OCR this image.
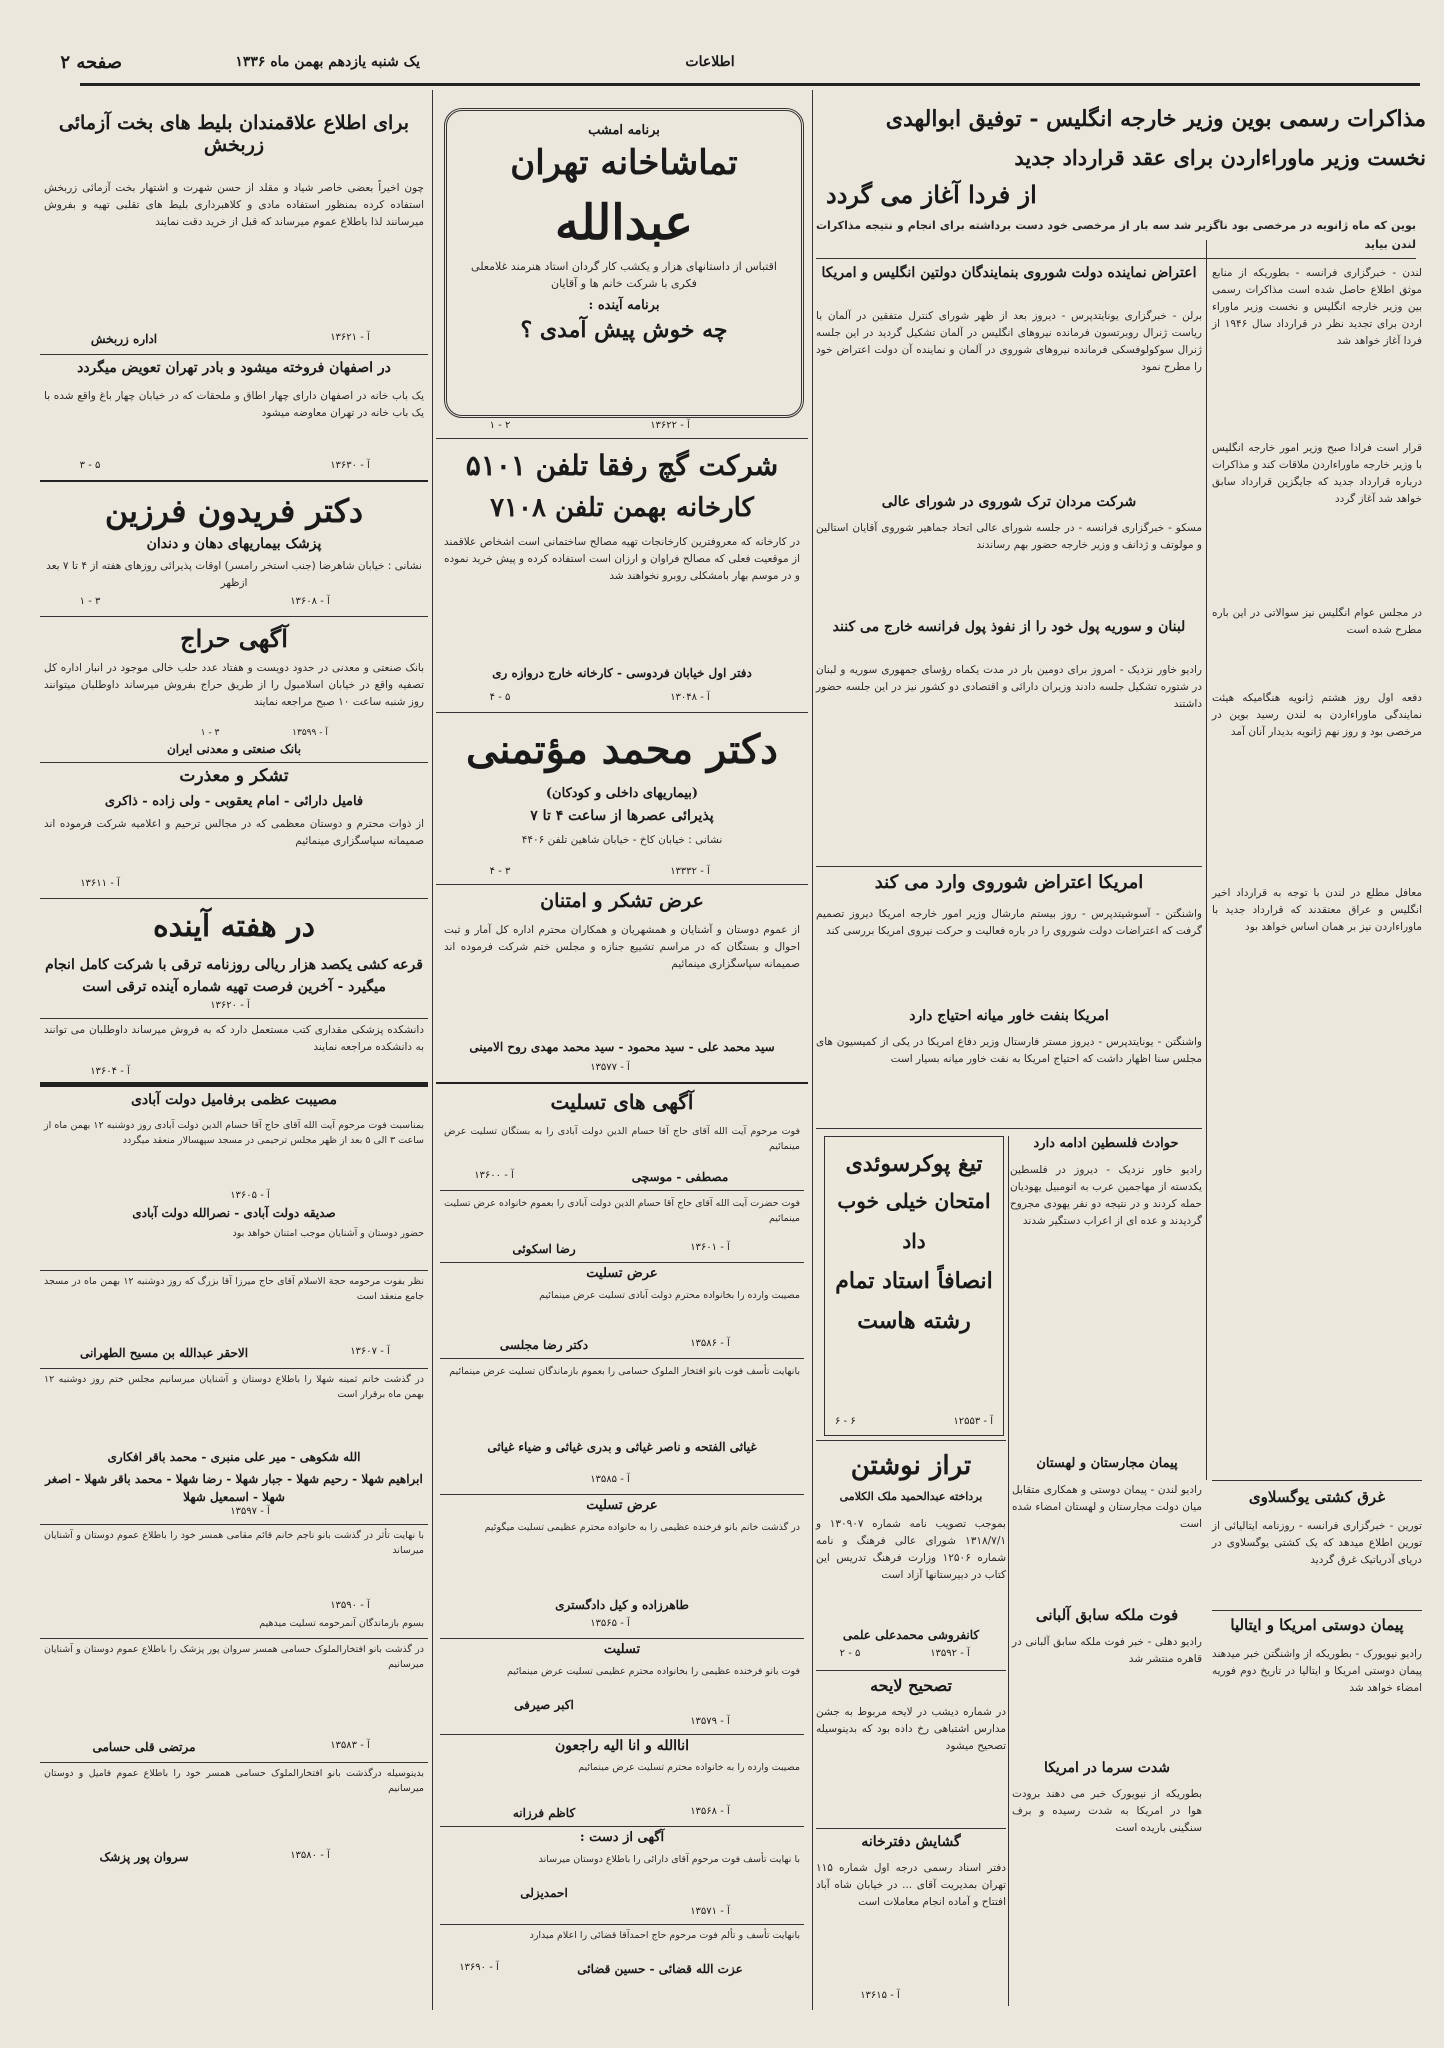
صفحه ۲	اطلاعات
یک شنبه یازدهم بهمن ماه ۱۳۳۶
مذاکرات رسمی بوین وزیر خارجه انگلیس - توفیق ابوالهدی
نخست وزیر ماوراءاردن برای عقد قرارداد جدید
از فردا آغاز می گردد
بوین که ماه ژانویه در مرخصی بود ناگزیر شد سه بار از مرخصی خود دست برداشته برای انجام و نتیجه مذاکرات لندن بیاید
لندن - خبرگزاری فرانسه - بطوریکه از منابع موثق اطلاع حاصل شده است مذاکرات رسمی بین وزیر خارجه انگلیس و نخست وزیر ماوراء اردن برای تجدید نظر در قرارداد سال ۱۹۴۶ از فردا آغاز خواهد شد
قرار است فرادا صبح وزیر امور خارجه انگلیس با وزیر خارجه ماوراءاردن ملاقات کند و مذاکرات درباره قرارداد جدید که جایگزین قرارداد سابق خواهد شد آغاز گردد
در مجلس عوام انگلیس نیز سوالاتی در این باره مطرح شده است
دفعه اول روز هشتم ژانویه هنگامیکه هیئت نمایندگی ماوراءاردن به لندن رسید بوین در مرخصی بود و روز نهم ژانویه بدیدار آنان آمد
معافل مطلع در لندن با توجه به قرارداد اخیر انگلیس و عراق معتقدند که قرارداد جدید با ماوراءاردن نیز بر همان اساس خواهد بود
غرق کشتی یوگسلاوی
تورین - خبرگزاری فرانسه - روزنامه ایتالیائی از تورین اطلاع میدهد که یک کشتی یوگسلاوی در دریای آدریاتیک غرق گردید
پیمان دوستی امریکا و ایتالیا
رادیو نیویورک - بطوریکه از واشنگتن خبر میدهند پیمان دوستی امریکا و ایتالیا در تاریخ دوم فوریه امضاء خواهد شد
اعتراض نماینده دولت شوروی بنمایندگان دولتین انگلیس و امریکا
برلن - خبرگزاری یونایتدپرس - دیروز بعد از ظهر شورای کنترل متفقین در آلمان با ریاست ژنرال روبرتسون فرمانده نیروهای انگلیس در آلمان تشکیل گردید در این جلسه ژنرال سوکولوفسکی فرمانده نیروهای شوروی در آلمان و نماینده آن دولت اعتراض خود را مطرح نمود
شرکت مردان ترک شوروی در شورای عالی
مسکو - خبرگزاری فرانسه - در جلسه شورای عالی اتحاد جماهیر شوروی آقایان استالین و مولوتف و ژدانف و وزیر خارجه حضور بهم رساندند
لبنان و سوریه پول خود را از نفوذ پول فرانسه خارج می کنند
رادیو خاور نزدیک - امروز برای دومین بار در مدت یکماه رؤسای جمهوری سوریه و لبنان در شتوره تشکیل جلسه دادند وزیران دارائی و اقتصادی دو کشور نیز در این جلسه حضور داشتند
امریکا اعتراض شوروی وارد می کند
واشنگتن - آسوشیتدپرس - روز بیستم مارشال وزیر امور خارجه امریکا دیروز تصمیم گرفت که اعتراضات دولت شوروی را در باره فعالیت و حرکت نیروی امریکا بررسی کند
امریکا بنفت خاور میانه احتیاج دارد
واشنگتن - یونایتدپرس - دیروز مستر فارستال وزیر دفاع امریکا در یکی از کمیسیون های مجلس سنا اظهار داشت که احتیاج امریکا به نفت خاور میانه بسیار است
تیغ پوکرسوئدی
امتحان خیلی خوب داد
انصافاً استاد تمام
رشته هاست
آ - ۱۲۵۵۳
۶ - ۶
حوادث فلسطین ادامه دارد
رادیو خاور نزدیک - دیروز در فلسطین یکدسته از مهاجمین عرب به اتومبیل یهودیان حمله کردند و در نتیجه دو نفر یهودی مجروح گردیدند و عده ای از اعراب دستگیر شدند
تراز نوشتن
برداخته عبدالحمید ملک الکلامی
بموجب تصویب نامه شماره ۱۳۰۹۰۷ و ۱۳۱۸/۷/۱ شورای عالی فرهنگ و نامه شماره ۱۲۵۰۶ وزارت فرهنگ تدریس این کتاب در دبیرستانها آزاد است
کانفروشی محمدعلی علمی
آ - ۱۳۵۹۲
۲ - ۵
تصحیح لایحه
در شماره دیشب در لایحه مربوط به جشن مدارس اشتباهی رخ داده بود که بدینوسیله تصحیح میشود
گشایش دفترخانه
دفتر اسناد رسمی درجه اول شماره ۱۱۵ تهران بمدیریت آقای ... در خیابان شاه آباد افتتاح و آماده انجام معاملات است
آ - ۱۳۶۱۵
پیمان مجارستان و لهستان
رادیو لندن - پیمان دوستی و همکاری متقابل میان دولت مجارستان و لهستان امضاء شده است
فوت ملکه سابق آلبانی
رادیو دهلی - خبر فوت ملکه سابق آلبانی در قاهره منتشر شد
شدت سرما در امریکا
بطوریکه از نیویورک خبر می دهند برودت هوا در امریکا به شدت رسیده و برف سنگینی باریده است
برنامه امشب
تماشاخانه تهران
عبدالله
اقتباس از داستانهای هزار و یکشب کار گردان استاد هنرمند غلامعلی فکری با شرکت خانم ها و آقایان
برنامه آینده :
چه خوش پیش آمدی ؟
آ - ۱۳۶۲۲
۱ - ۲
شرکت گچ رفقا تلفن ۵۱۰۱
کارخانه بهمن تلفن ۷۱۰۸
در کارخانه که معروفترین کارخانجات تهیه مصالح ساختمانی است اشخاص علاقمند از موقعیت فعلی که مصالح فراوان و ارزان است استفاده کرده و پیش خرید نموده و در موسم بهار بامشکلی روبرو نخواهند شد
دفتر اول خیابان فردوسی - کارخانه خارج دروازه ری
آ - ۱۳۰۴۸
۴ - ۵
دکتر محمد مؤتمنی
(بیماریهای داخلی و کودکان)
پذیرائی عصرها از ساعت ۴ تا ۷
نشانی : خیابان کاخ - خیابان شاهین تلفن ۴۴۰۶
آ - ۱۳۳۳۲
۴ - ۳
عرض تشکر و امتنان
از عموم دوستان و آشنایان و همشهریان و همکاران محترم اداره کل آمار و ثبت احوال و بستگان که در مراسم تشییع جنازه و مجلس ختم شرکت فرموده اند صمیمانه سپاسگزاری مینمائیم
سید محمد علی - سید محمود - سید محمد مهدی روح الامینی
آ - ۱۳۵۷۷
آگهی های تسلیت
فوت مرحوم آیت الله آقای حاج آقا حسام الدین دولت آبادی را به بستگان تسلیت عرض مینمائیم
مصطفی - موسچی
آ - ۱۳۶۰۰
فوت حضرت آیت الله آقای حاج آقا حسام الدین دولت آبادی را بعموم خانواده عرض تسلیت مینمائیم
رضا اسکوئی	آ - ۱۳۶۰۱
عرض تسلیت
مصیبت وارده را بخانواده محترم دولت آبادی تسلیت عرض مینمائیم
دکتر رضا مجلسی	آ - ۱۳۵۸۶
بانهایت تأسف فوت بانو افتخار الملوک حسامی را بعموم بازماندگان تسلیت عرض مینمائیم
غیاثی الفتحه و ناصر غیاثی و بدری غیاثی و ضیاء غیاثی
آ - ۱۳۵۸۵
عرض تسلیت
در گذشت خانم بانو فرخنده عظیمی را به خانواده محترم عظیمی تسلیت میگوئیم
طاهرزاده و کیل دادگستری
آ - ۱۳۵۶۵
تسلیت
فوت بانو فرخنده عظیمی را بخانواده محترم عظیمی تسلیت عرض مینمائیم
اکبر صیرفی
آ - ۱۳۵۷۹
اناالله و انا الیه راجعون
مصیبت وارده را به خانواده محترم تسلیت عرض مینمائیم
کاظم فرزانه	آ - ۱۳۵۶۸
آگهی از دست :
با نهایت تأسف فوت مرحوم آقای دارائی را باطلاع دوستان میرساند
احمدیزلی
آ - ۱۳۵۷۱
بانهایت تأسف و تألم فوت مرحوم حاج احمدآقا قضائی را اعلام میدارد
عزت الله قضائی - حسین قضائی
آ - ۱۳۶۹۰
برای اطلاع علاقمندان بلیط های بخت آزمائی زربخش
چون اخیراً بعضی خاصر شیاد و مقلد از حسن شهرت و اشتهار بخت آزمائی زربخش استفاده کرده بمنظور استفاده مادی و کلاهبرداری بلیط های تقلبی تهیه و بفروش میرسانند لذا باطلاع عموم میرساند که قبل از خرید دقت نمایند
اداره زربخش	آ - ۱۳۶۲۱
در اصفهان فروخته میشود و بادر تهران تعویض میگردد
یک باب خانه در اصفهان دارای چهار اطاق و ملحقات که در خیابان چهار باغ واقع شده با یک باب خانه در تهران معاوضه میشود
آ - ۱۳۶۳۰
۳ - ۵
دکتر فریدون فرزین
پزشک بیماریهای دهان و دندان
نشانی : خیابان شاهرضا (جنب استخر رامسر) اوقات پذیرائی روزهای هفته از ۴ تا ۷ بعد ازظهر
آ - ۱۳۶۰۸
۱ - ۳
آگهی حراج
بانک صنعتی و معدنی در حدود دویست و هفتاد عدد حلب خالی موجود در انبار اداره کل تصفیه واقع در خیابان اسلامبول را از طریق حراج بفروش میرساند داوطلبان میتوانند روز شنبه ساعت ۱۰ صبح مراجعه نمایند
بانک صنعتی و معدنی ایران
آ - ۱۳۵۹۹
۱ - ۳
تشکر و معذرت
فامیل دارائی - امام یعقوبی - ولی زاده - ذاکری
از ذوات محترم و دوستان معظمی که در مجالس ترحیم و اعلامیه شرکت فرموده اند صمیمانه سپاسگزاری مینمائیم
آ - ۱۳۶۱۱
در هفته آینده
قرعه کشی یکصد هزار ریالی روزنامه ترقی با شرکت کامل انجام میگیرد - آخرین فرصت تهیه شماره آینده ترقی است
آ - ۱۳۶۲۰
دانشکده پزشکی مقداری کتب مستعمل دارد که به فروش میرساند داوطلبان می توانند به دانشکده مراجعه نمایند
آ - ۱۳۶۰۴
مصیبت عظمی برفامیل دولت آبادی
بمناسبت فوت مرحوم آیت الله آقای حاج آقا حسام الدین دولت آبادی روز دوشنبه ۱۲ بهمن ماه از ساعت ۳ الی ۵ بعد از ظهر مجلس ترحیمی در مسجد سپهسالار منعقد میگردد
آ - ۱۳۶۰۵
صدیقه دولت آبادی - نصرالله دولت آبادی
حضور دوستان و آشنایان موجب امتنان خواهد بود
نظر بفوت مرحومه حجة الاسلام آقای حاج میرزا آقا بزرگ که روز دوشنبه ۱۲ بهمن ماه در مسجد جامع منعقد است
الاحقر عبدالله بن مسیح الطهرانی	آ - ۱۳۶۰۷
در گذشت خانم ثمینه شهلا را باطلاع دوستان و آشنایان میرسانیم مجلس ختم روز دوشنبه ۱۲ بهمن ماه برقرار است
الله شکوهی - میر علی منبری - محمد باقر افکاری
ابراهیم شهلا - رحیم شهلا - جبار شهلا - رضا شهلا - محمد باقر شهلا - اصغر شهلا - اسمعیل شهلا
آ - ۱۳۵۹۷
با نهایت تأثر در گذشت بانو ناجم خانم قائم مقامی همسر خود را باطلاع عموم دوستان و آشنایان میرساند
آ - ۱۳۵۹۰
بسوم بازماندگان آنمرحومه تسلیت میدهیم
در گذشت بانو افتخارالملوک حسامی همسر سروان پور پزشک را باطلاع عموم دوستان و آشنایان میرسانیم
آ - ۱۳۵۸۳
مرتضی قلی حسامی
بدینوسیله درگذشت بانو افتخارالملوک حسامی همسر خود را باطلاع عموم فامیل و دوستان میرسانیم
آ - ۱۳۵۸۰
سروان پور پزشک
